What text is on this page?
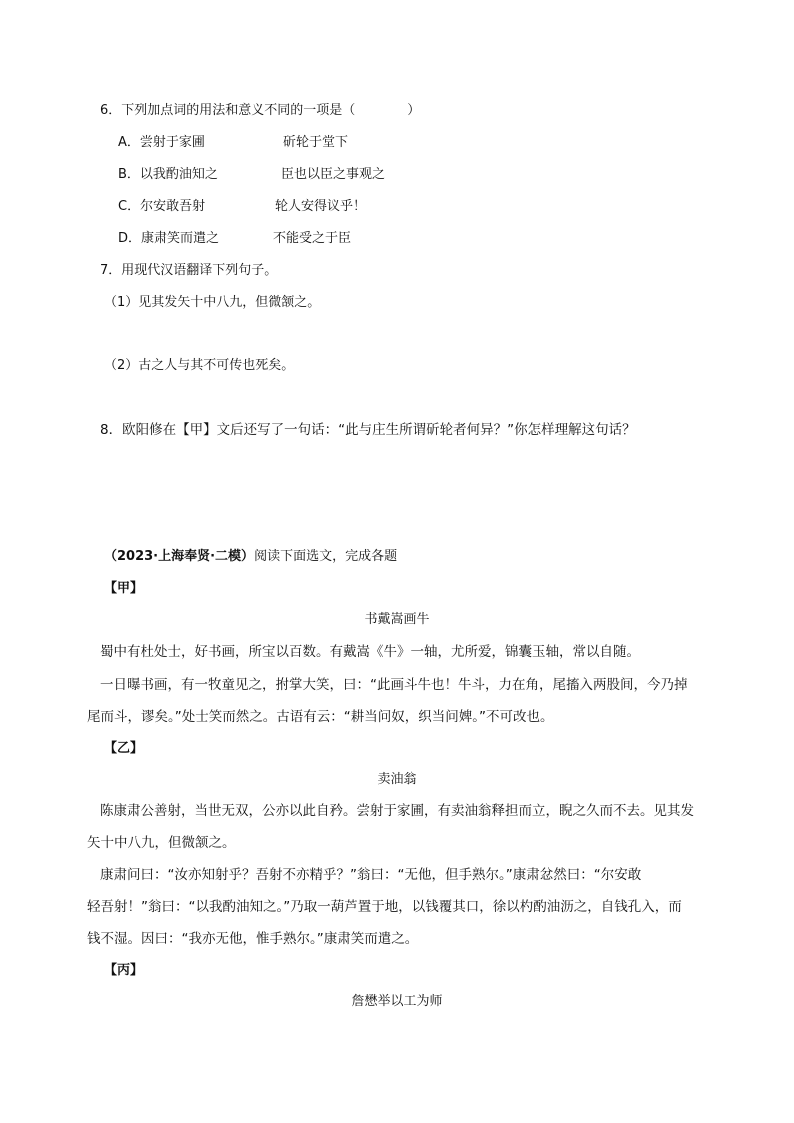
6．下列加点词的用法和意义不同的一项是（　　　　）
A．尝射于家圃	斫轮于堂下
B．以我酌油知之	臣也以臣之事观之
C．尔安敢吾射	轮人安得议乎！
D．康肃笑而遣之	不能受之于臣
7．用现代汉语翻译下列句子。
（1）见其发矢十中八九，但微颔之。
（2）古之人与其不可传也死矣。
8．欧阳修在【甲】文后还写了一句话：“此与庄生所谓斫轮者何异？”你怎样理解这句话？
（2023·上海奉贤·二模）阅读下面选文，完成各题
【甲】
书戴嵩画牛
蜀中有杜处士，好书画，所宝以百数。有戴嵩《牛》一轴，尤所爱，锦囊玉轴，常以自随。
一日曝书画，有一牧童见之，拊掌大笑，曰：“此画斗牛也！牛斗，力在角，尾搐入两股间，今乃掉
尾而斗，谬矣。”处士笑而然之。古语有云：“耕当问奴，织当问婢。”不可改也。
【乙】
卖油翁
陈康肃公善射，当世无双，公亦以此自矜。尝射于家圃，有卖油翁释担而立，睨之久而不去。见其发
矢十中八九，但微颔之。
康肃问曰：“汝亦知射乎？吾射不亦精乎？”翁曰：“无他，但手熟尔。”康肃忿然曰：“尔安敢
轻吾射！”翁曰：“以我酌油知之。”乃取一葫芦置于地，以钱覆其口，徐以杓酌油沥之，自钱孔入，而
钱不湿。因曰：“我亦无他，惟手熟尔。”康肃笑而遣之。
【丙】
詹懋举以工为师
